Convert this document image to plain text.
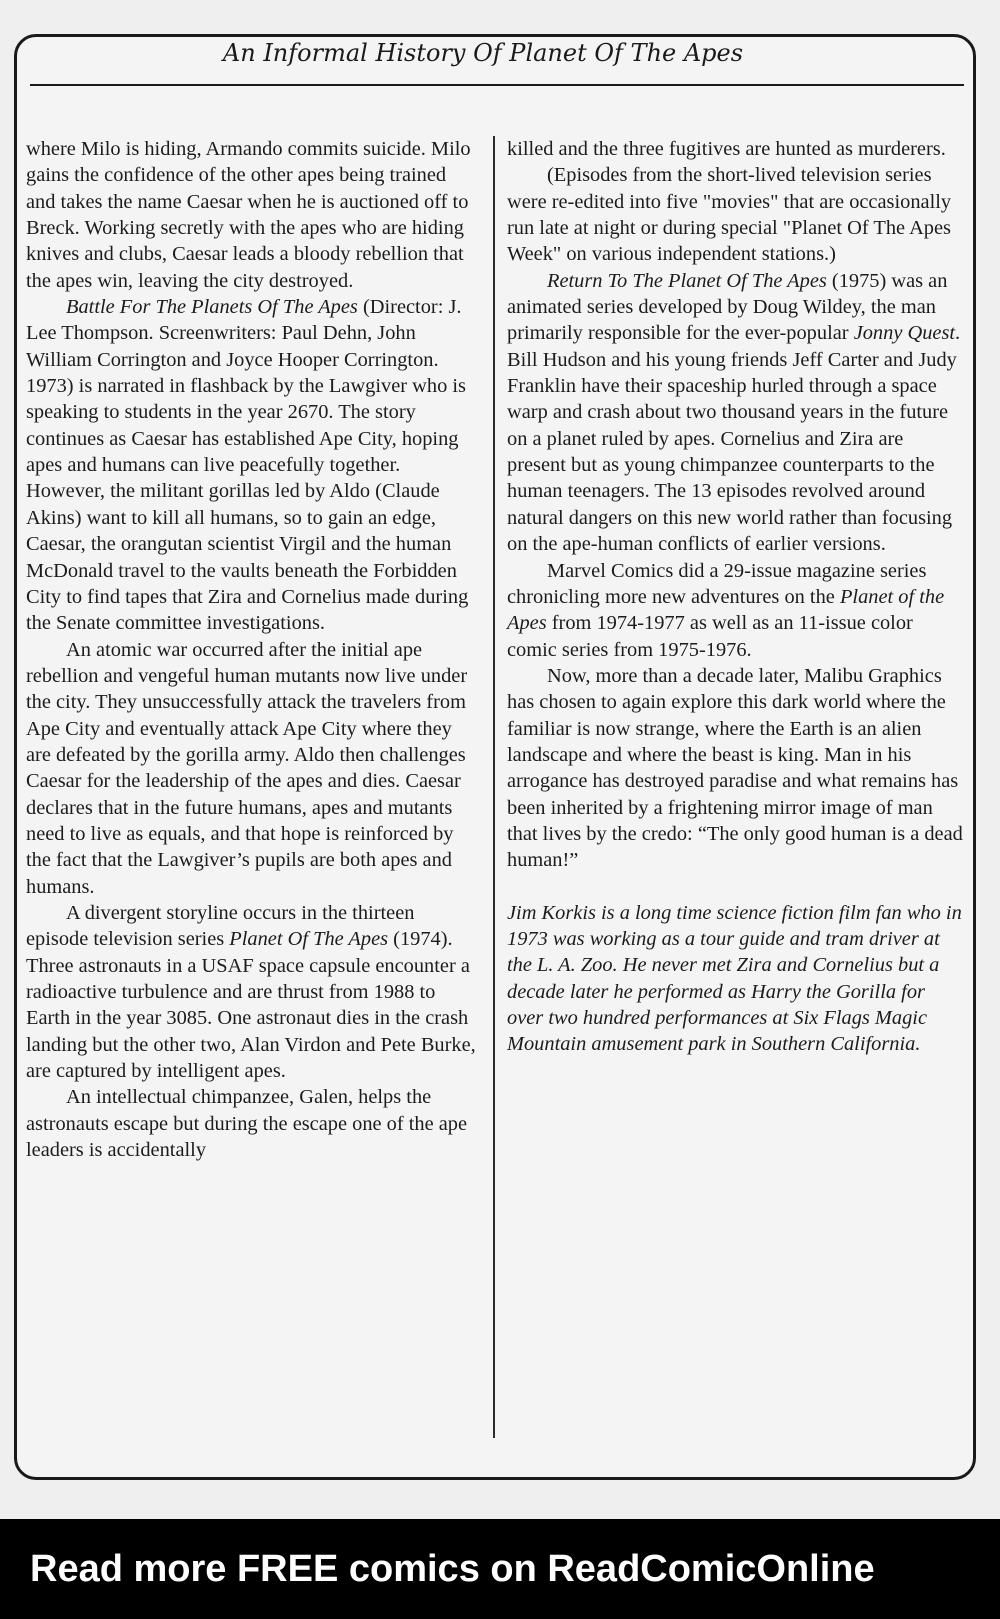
An Informal History Of Planet Of The Apes

where Milo is hiding, Armando commits suicide. Milo gains the confidence of the other apes being trained and takes the name Caesar when he is auctioned off to Breck. Working secretly with the apes who are hiding knives and clubs, Caesar leads a bloody rebellion that the apes win, leaving the city destroyed.

Battle For The Planets Of The Apes (Director: J. Lee Thompson. Screenwriters: Paul Dehn, John William Corrington and Joyce Hooper Corrington. 1973) is narrated in flashback by the Lawgiver who is speaking to students in the year 2670. The story continues as Caesar has established Ape City, hoping apes and humans can live peacefully together. However, the militant gorillas led by Aldo (Claude Akins) want to kill all humans, so to gain an edge, Caesar, the orangutan scientist Virgil and the human McDonald travel to the vaults beneath the Forbidden City to find tapes that Zira and Cornelius made during the Senate committee investigations.

An atomic war occurred after the initial ape rebellion and vengeful human mutants now live under the city. They unsuccessfully attack the travelers from Ape City and eventually attack Ape City where they are defeated by the gorilla army. Aldo then challenges Caesar for the leadership of the apes and dies. Caesar declares that in the future humans, apes and mutants need to live as equals, and that hope is reinforced by the fact that the Lawgiver’s pupils are both apes and humans.

A divergent storyline occurs in the thirteen episode television series Planet Of The Apes (1974). Three astronauts in a USAF space capsule encounter a radioactive turbulence and are thrust from 1988 to Earth in the year 3085. One astronaut dies in the crash landing but the other two, Alan Virdon and Pete Burke, are captured by intelligent apes.

An intellectual chimpanzee, Galen, helps the astronauts escape but during the escape one of the ape leaders is accidentally

killed and the three fugitives are hunted as murderers.

(Episodes from the short-lived television series were re-edited into five "movies" that are occasionally run late at night or during special "Planet Of The Apes Week" on various independent stations.)

Return To The Planet Of The Apes (1975) was an animated series developed by Doug Wildey, the man primarily responsible for the ever-popular Jonny Quest. Bill Hudson and his young friends Jeff Carter and Judy Franklin have their spaceship hurled through a space warp and crash about two thousand years in the future on a planet ruled by apes. Cornelius and Zira are present but as young chimpanzee counterparts to the human teenagers. The 13 episodes revolved around natural dangers on this new world rather than focusing on the ape-human conflicts of earlier versions.

Marvel Comics did a 29-issue magazine series chronicling more new adventures on the Planet of the Apes from 1974-1977 as well as an 11-issue color comic series from 1975-1976.

Now, more than a decade later, Malibu Graphics has chosen to again explore this dark world where the familiar is now strange, where the Earth is an alien landscape and where the beast is king. Man in his arrogance has destroyed paradise and what remains has been inherited by a frightening mirror image of man that lives by the credo: “The only good human is a dead human!”

Jim Korkis is a long time science fiction film fan who in 1973 was working as a tour guide and tram driver at the L. A. Zoo. He never met Zira and Cornelius but a decade later he performed as Harry the Gorilla for over two hundred performances at Six Flags Magic Mountain amusement park in Southern California.

Read more FREE comics on ReadComicOnline
